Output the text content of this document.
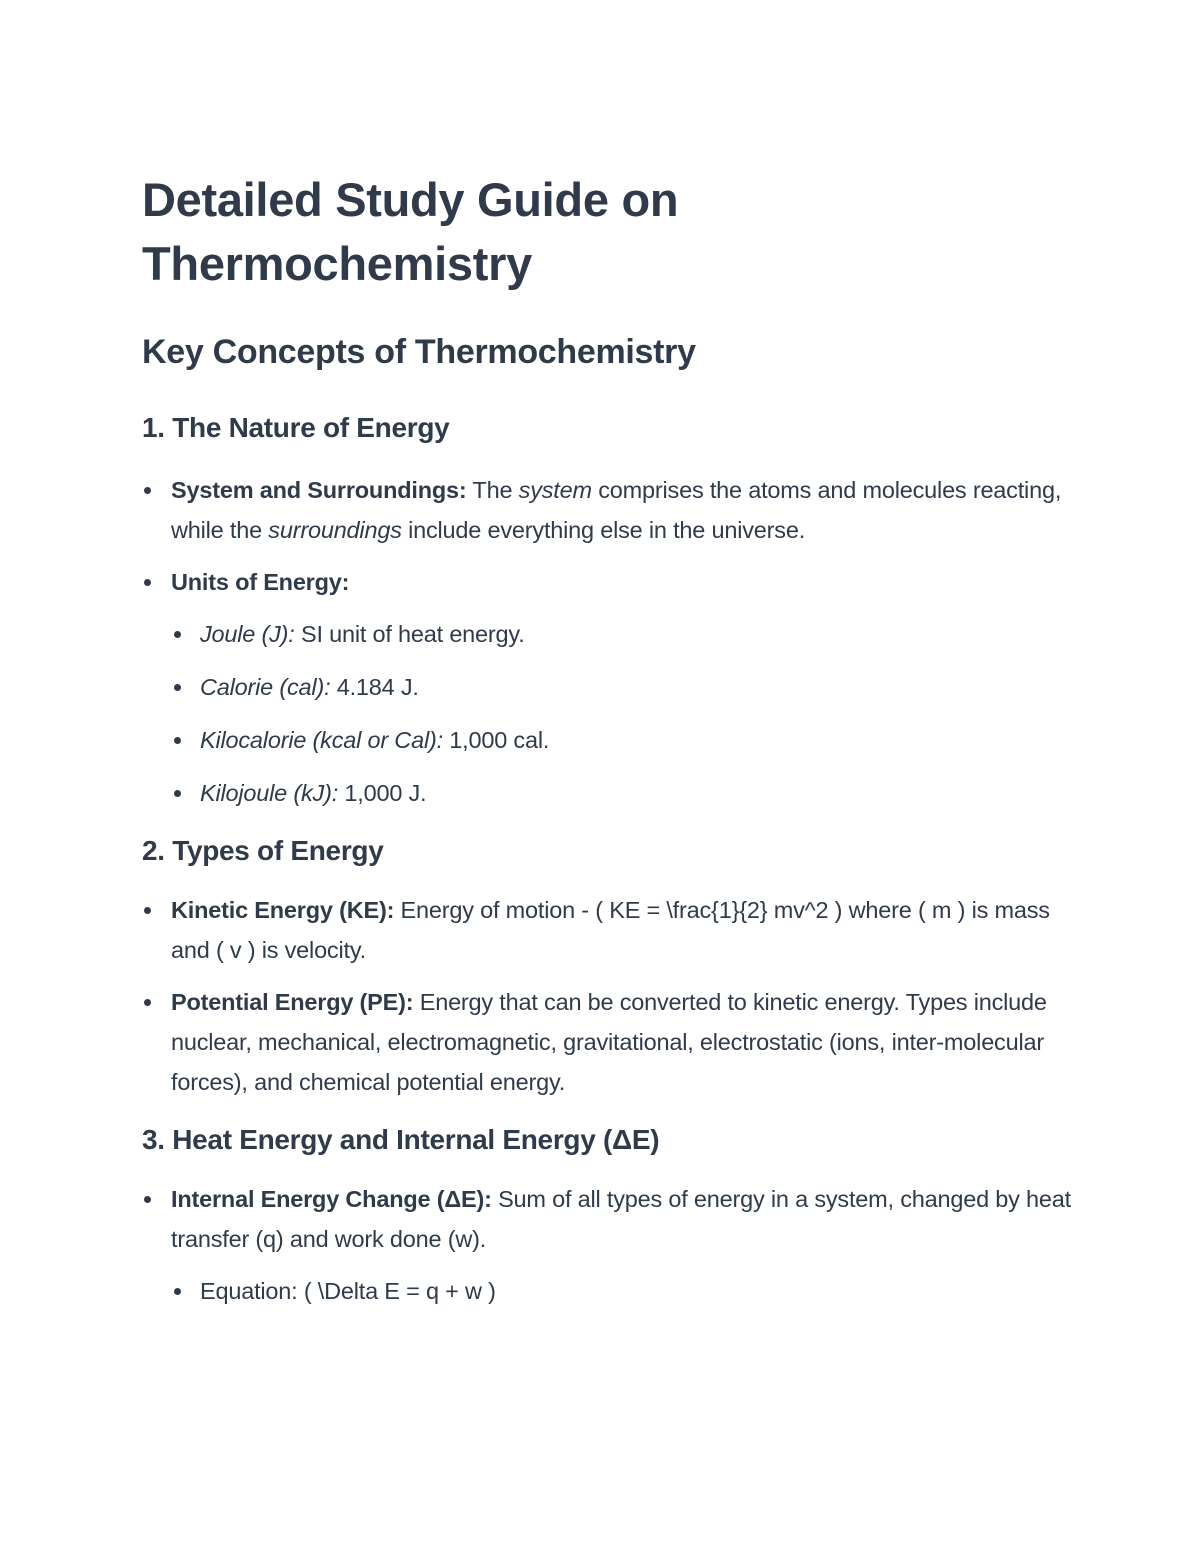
Detailed Study Guide on Thermochemistry
Key Concepts of Thermochemistry
1. The Nature of Energy
System and Surroundings: The system comprises the atoms and molecules reacting, while the surroundings include everything else in the universe.
Units of Energy:
Joule (J): SI unit of heat energy.
Calorie (cal): 4.184 J.
Kilocalorie (kcal or Cal): 1,000 cal.
Kilojoule (kJ): 1,000 J.
2. Types of Energy
Kinetic Energy (KE): Energy of motion - ( KE = \frac{1}{2} mv^2 ) where ( m ) is mass and ( v ) is velocity.
Potential Energy (PE): Energy that can be converted to kinetic energy. Types include nuclear, mechanical, electromagnetic, gravitational, electrostatic (ions, inter-molecular forces), and chemical potential energy.
3. Heat Energy and Internal Energy (ΔE)
Internal Energy Change (ΔE): Sum of all types of energy in a system, changed by heat transfer (q) and work done (w).
Equation: ( \Delta E = q + w )
